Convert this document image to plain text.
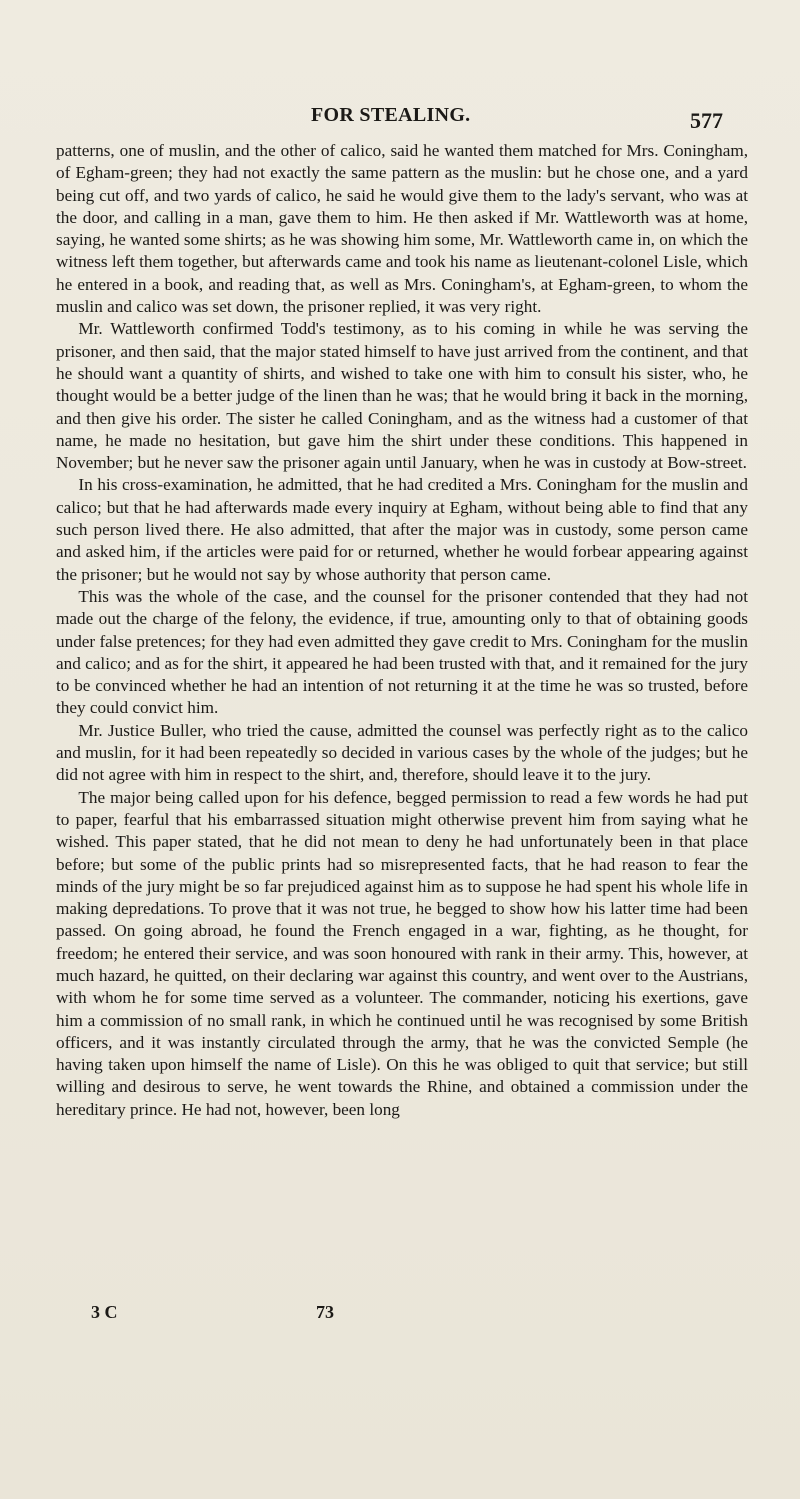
FOR STEALING.	577

patterns, one of muslin, and the other of calico, said he wanted them matched for Mrs. Coningham, of Egham-green; they had not exactly the same pattern as the muslin: but he chose one, and a yard being cut off, and two yards of calico, he said he would give them to the lady's servant, who was at the door, and calling in a man, gave them to him. He then asked if Mr. Wattleworth was at home, saying, he wanted some shirts; as he was showing him some, Mr. Wattleworth came in, on which the witness left them together, but afterwards came and took his name as lieutenant-colonel Lisle, which he entered in a book, and reading that, as well as Mrs. Coningham's, at Egham-green, to whom the muslin and calico was set down, the prisoner replied, it was very right.

Mr. Wattleworth confirmed Todd's testimony, as to his coming in while he was serving the prisoner, and then said, that the major stated himself to have just arrived from the continent, and that he should want a quantity of shirts, and wished to take one with him to consult his sister, who, he thought would be a better judge of the linen than he was; that he would bring it back in the morning, and then give his order. The sister he called Coningham, and as the witness had a customer of that name, he made no hesitation, but gave him the shirt under these conditions. This happened in November; but he never saw the prisoner again until January, when he was in custody at Bow-street.

In his cross-examination, he admitted, that he had credited a Mrs. Coningham for the muslin and calico; but that he had afterwards made every inquiry at Egham, without being able to find that any such person lived there. He also admitted, that after the major was in custody, some person came and asked him, if the articles were paid for or returned, whether he would forbear appearing against the prisoner; but he would not say by whose authority that person came.

This was the whole of the case, and the counsel for the prisoner contended that they had not made out the charge of the felony, the evidence, if true, amounting only to that of obtaining goods under false pretences; for they had even admitted they gave credit to Mrs. Coningham for the muslin and calico; and as for the shirt, it appeared he had been trusted with that, and it remained for the jury to be convinced whether he had an intention of not returning it at the time he was so trusted, before they could convict him.

Mr. Justice Buller, who tried the cause, admitted the counsel was perfectly right as to the calico and muslin, for it had been repeatedly so decided in various cases by the whole of the judges; but he did not agree with him in respect to the shirt, and, therefore, should leave it to the jury.

The major being called upon for his defence, begged permission to read a few words he had put to paper, fearful that his embarrassed situation might otherwise prevent him from saying what he wished. This paper stated, that he did not mean to deny he had unfortunately been in that place before; but some of the public prints had so misrepresented facts, that he had reason to fear the minds of the jury might be so far prejudiced against him as to suppose he had spent his whole life in making depredations. To prove that it was not true, he begged to show how his latter time had been passed. On going abroad, he found the French engaged in a war, fighting, as he thought, for freedom; he entered their service, and was soon honoured with rank in their army. This, however, at much hazard, he quitted, on their declaring war against this country, and went over to the Austrians, with whom he for some time served as a volunteer. The commander, noticing his exertions, gave him a commission of no small rank, in which he continued until he was recognised by some British officers, and it was instantly circulated through the army, that he was the convicted Semple (he having taken upon himself the name of Lisle). On this he was obliged to quit that service; but still willing and desirous to serve, he went towards the Rhine, and obtained a commission under the hereditary prince. He had not, however, been long

3 C	73
